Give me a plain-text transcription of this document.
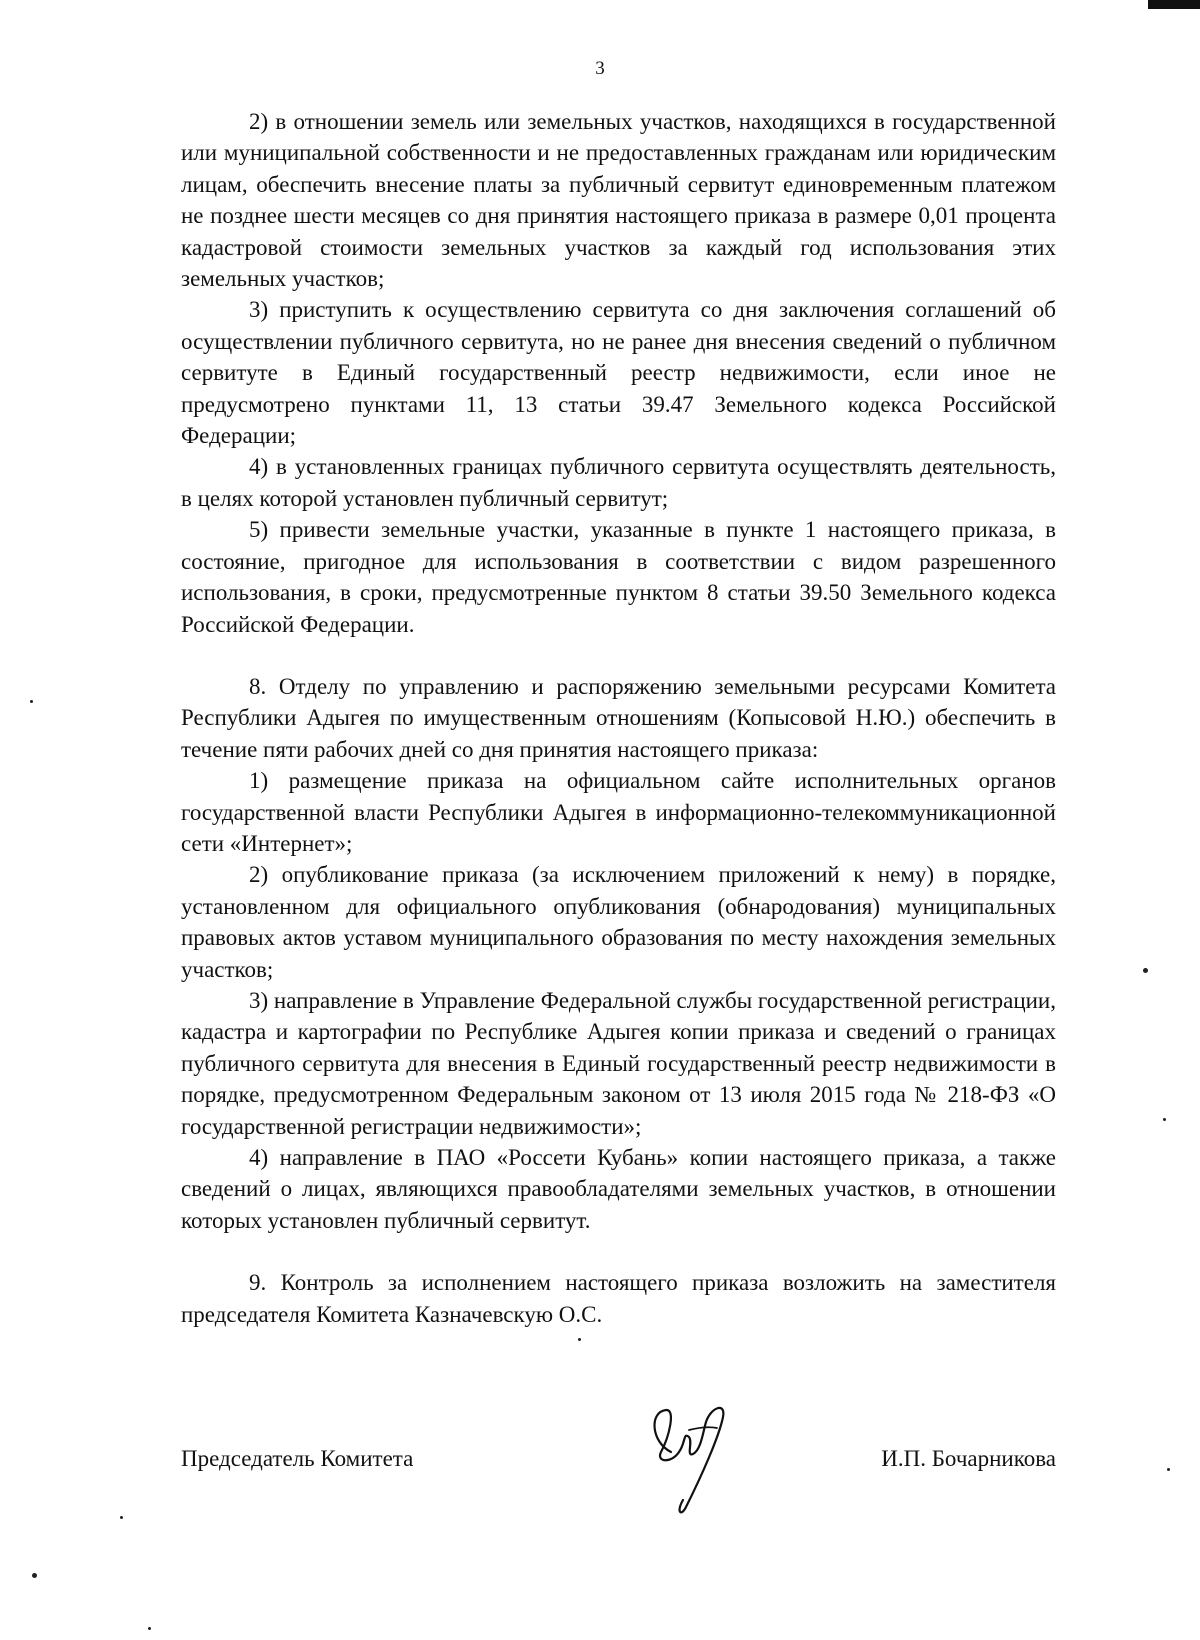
3

2) в отношении земель или земельных участков, находящихся в государственной или муниципальной собственности и не предоставленных гражданам или юридическим лицам, обеспечить внесение платы за публичный сервитут единовременным платежом не позднее шести месяцев со дня принятия настоящего приказа в размере 0,01 процента кадастровой стоимости земельных участков за каждый год использования этих земельных участков;

3) приступить к осуществлению сервитута со дня заключения соглашений об осуществлении публичного сервитута, но не ранее дня внесения сведений о публичном сервитуте в Единый государственный реестр недвижимости, если иное не предусмотрено пунктами 11, 13 статьи 39.47 Земельного кодекса Российской Федерации;

4) в установленных границах публичного сервитута осуществлять деятельность, в целях которой установлен публичный сервитут;

5) привести земельные участки, указанные в пункте 1 настоящего приказа, в состояние, пригодное для использования в соответствии с видом разрешенного использования, в сроки, предусмотренные пунктом 8 статьи 39.50 Земельного кодекса Российской Федерации.

8. Отделу по управлению и распоряжению земельными ресурсами Комитета Республики Адыгея по имущественным отношениям (Копысовой Н.Ю.) обеспечить в течение пяти рабочих дней со дня принятия настоящего приказа:

1) размещение приказа на официальном сайте исполнительных органов государственной власти Республики Адыгея в информационно-телекоммуникационной сети «Интернет»;

2) опубликование приказа (за исключением приложений к нему) в порядке, установленном для официального опубликования (обнародования) муниципальных правовых актов уставом муниципального образования по месту нахождения земельных участков;

3) направление в Управление Федеральной службы государственной регистрации, кадастра и картографии по Республике Адыгея копии приказа и сведений о границах публичного сервитута для внесения в Единый государственный реестр недвижимости в порядке, предусмотренном Федеральным законом от 13 июля 2015 года № 218-ФЗ «О государственной регистрации недвижимости»;

4) направление в ПАО «Россети Кубань» копии настоящего приказа, а также сведений о лицах, являющихся правообладателями земельных участков, в отношении которых установлен публичный сервитут.

9. Контроль за исполнением настоящего приказа возложить на заместителя председателя Комитета Казначевскую О.С.

Председатель Комитета	И.П. Бочарникова
